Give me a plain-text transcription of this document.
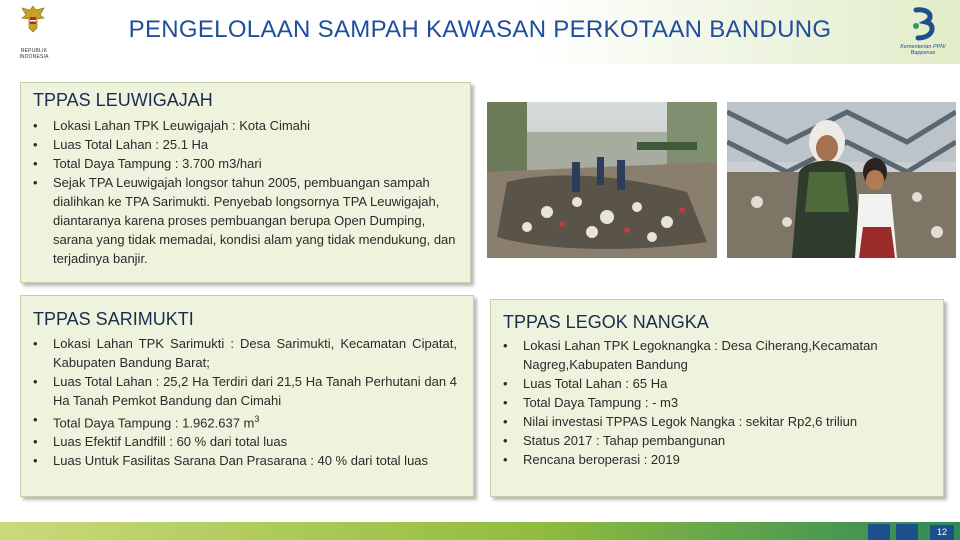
REPUBLIK INDONESIA
PENGELOLAAN SAMPAH KAWASAN PERKOTAAN BANDUNG
Kementerian PPN/ Bappenas
TPPAS LEUWIGAJAH
• Lokasi Lahan TPK Leuwigajah : Kota Cimahi
• Luas Total Lahan : 25.1 Ha
• Total Daya Tampung : 3.700 m3/hari
• Sejak TPA Leuwigajah longsor tahun 2005, pembuangan sampah dialihkan ke TPA Sarimukti. Penyebab longsornya TPA Leuwigajah, diantaranya karena proses pembuangan berupa Open Dumping, sarana yang tidak memadai, kondisi alam yang tidak mendukung, dan terjadinya banjir.
TPPAS SARIMUKTI
• Lokasi Lahan TPK Sarimukti : Desa Sarimukti, Kecamatan Cipatat, Kabupaten Bandung Barat;
• Luas Total Lahan : 25,2 Ha Terdiri dari 21,5 Ha Tanah Perhutani dan 4 Ha Tanah Pemkot Bandung dan Cimahi
• Total Daya Tampung : 1.962.637 $m^3$
• Luas Efektif Landfill : 60 % dari total luas
• Luas Untuk Fasilitas Sarana Dan Prasarana : 40 % dari total luas
TPPAS LEGOK NANGKA
• Lokasi Lahan TPK Legoknangka : Desa Ciherang,Kecamatan Nagreg,Kabupaten Bandung
• Luas Total Lahan : 65 Ha
• Total Daya Tampung : - m3
• Nilai investasi TPPAS Legok Nangka : sekitar Rp2,6 triliun
• Status 2017 : Tahap pembangunan
• Rencana beroperasi : 2019
12
